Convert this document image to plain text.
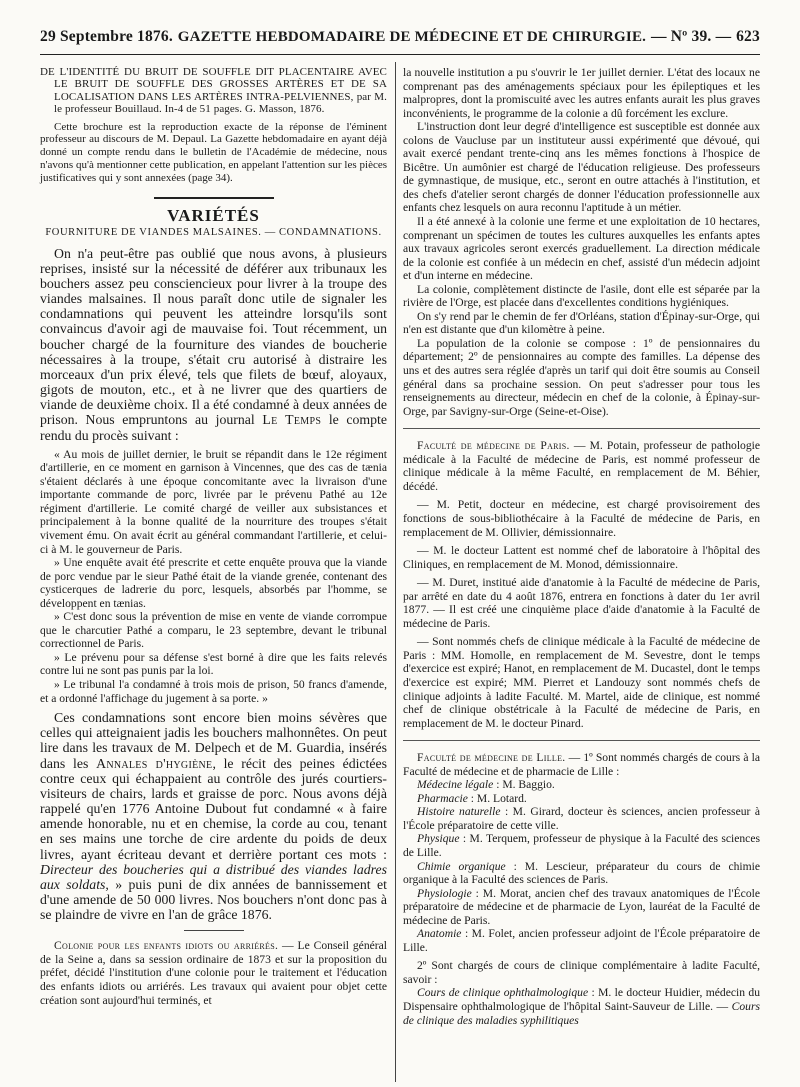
29 Septembre 1876. GAZETTE HEBDOMADAIRE DE MÉDECINE ET DE CHIRURGIE. — Nº 39. — 623

DE L'IDENTITÉ DU BRUIT DE SOUFFLE DIT PLACENTAIRE AVEC LE BRUIT DE SOUFFLE DES GROSSES ARTÈRES ET DE SA LOCALISATION DANS LES ARTÈRES INTRA-PELVIENNES, par M. le professeur Bouillaud. In-4 de 51 pages. G. Masson, 1876.

Cette brochure est la reproduction exacte de la réponse de l'éminent professeur au discours de M. Depaul. La Gazette hebdomadaire en ayant déjà donné un compte rendu dans le bulletin de l'Académie de médecine, nous n'avons qu'à mentionner cette publication, en appelant l'attention sur les pièces justificatives qui y sont annexées (page 34).

VARIÉTÉS
FOURNITURE DE VIANDES MALSAINES. — CONDAMNATIONS.

On n'a peut-être pas oublié que nous avons, à plusieurs reprises, insisté sur la nécessité de déférer aux tribunaux les bouchers assez peu consciencieux pour livrer à la troupe des viandes malsaines. Il nous paraît donc utile de signaler les condamnations qui peuvent les atteindre lorsqu'ils sont convaincus d'avoir agi de mauvaise foi. Tout récemment, un boucher chargé de la fourniture des viandes de boucherie nécessaires à la troupe, s'était cru autorisé à distraire les morceaux d'un prix élevé, tels que filets de bœuf, aloyaux, gigots de mouton, etc., et à ne livrer que des quartiers de viande de deuxième choix. Il a été condamné à deux années de prison. Nous empruntons au journal Le Temps le compte rendu du procès suivant :

« Au mois de juillet dernier, le bruit se répandit dans le 12e régiment d'artillerie, en ce moment en garnison à Vincennes, que des cas de tænia s'étaient déclarés à une époque concomitante avec la livraison d'une importante commande de porc, livrée par le prévenu Pathé au 12e régiment d'artillerie. Le comité chargé de veiller aux subsistances et principalement à la bonne qualité de la nourriture des troupes s'était vivement ému. On avait écrit au général commandant l'artillerie, et celui-ci à M. le gouverneur de Paris.

» Une enquête avait été prescrite et cette enquête prouva que la viande de porc vendue par le sieur Pathé était de la viande grenée, contenant des cysticerques de ladrerie du porc, lesquels, absorbés par l'homme, se développent en tænias.

» C'est donc sous la prévention de mise en vente de viande corrompue que le charcutier Pathé a comparu, le 23 septembre, devant le tribunal correctionnel de Paris.

» Le prévenu pour sa défense s'est borné à dire que les faits relevés contre lui ne sont pas punis par la loi.

» Le tribunal l'a condamné à trois mois de prison, 50 francs d'amende, et a ordonné l'affichage du jugement à sa porte. »

Ces condamnations sont encore bien moins sévères que celles qui atteignaient jadis les bouchers malhonnêtes. On peut lire dans les travaux de M. Delpech et de M. Guardia, insérés dans les Annales d'hygiène, le récit des peines édictées contre ceux qui échappaient au contrôle des jurés courtiers-visiteurs de chairs, lards et graisse de porc. Nous avons déjà rappelé qu'en 1776 Antoine Dubout fut condamné « à faire amende honorable, nu et en chemise, la corde au cou, tenant en ses mains une torche de cire ardente du poids de deux livres, ayant écriteau devant et derrière portant ces mots : Directeur des boucheries qui a distribué des viandes ladres aux soldats, » puis puni de dix années de bannissement et d'une amende de 50 000 livres. Nos bouchers n'ont donc pas à se plaindre de vivre en l'an de grâce 1876.

Colonie pour les enfants idiots ou arriérés. — Le Conseil général de la Seine a, dans sa session ordinaire de 1873 et sur la proposition du préfet, décidé l'institution d'une colonie pour le traitement et l'éducation des enfants idiots ou arriérés. Les travaux qui avaient pour objet cette création sont aujourd'hui terminés, et

la nouvelle institution a pu s'ouvrir le 1er juillet dernier. L'état des locaux ne comprenant pas des aménagements spéciaux pour les épileptiques et les malpropres, dont la promiscuité avec les autres enfants aurait les plus graves inconvénients, le programme de la colonie a dû forcément les exclure.

L'instruction dont leur degré d'intelligence est susceptible est donnée aux colons de Vaucluse par un instituteur aussi expérimenté que dévoué, qui avait exercé pendant trente-cinq ans les mêmes fonctions à l'hospice de Bicêtre. Un aumônier est chargé de l'éducation religieuse. Des professeurs de gymnastique, de musique, etc., seront en outre attachés à l'institution, et des chefs d'atelier seront chargés de donner l'éducation professionnelle aux enfants chez lesquels on aura reconnu l'aptitude à un métier.

Il a été annexé à la colonie une ferme et une exploitation de 10 hectares, comprenant un spécimen de toutes les cultures auxquelles les enfants aptes aux travaux agricoles seront exercés graduellement. La direction médicale de la colonie est confiée à un médecin en chef, assisté d'un médecin adjoint et d'un interne en médecine.

La colonie, complètement distincte de l'asile, dont elle est séparée par la rivière de l'Orge, est placée dans d'excellentes conditions hygiéniques.

On s'y rend par le chemin de fer d'Orléans, station d'Épinay-sur-Orge, qui n'en est distante que d'un kilomètre à peine.

La population de la colonie se compose : 1º de pensionnaires du département; 2º de pensionnaires au compte des familles. La dépense des uns et des autres sera réglée d'après un tarif qui doit être soumis au Conseil général dans sa prochaine session. On peut s'adresser pour tous les renseignements au directeur, médecin en chef de la colonie, à Épinay-sur-Orge, par Savigny-sur-Orge (Seine-et-Oise).

Faculté de médecine de Paris. — M. Potain, professeur de pathologie médicale à la Faculté de médecine de Paris, est nommé professeur de clinique médicale à la même Faculté, en remplacement de M. Béhier, décédé.

— M. Petit, docteur en médecine, est chargé provisoirement des fonctions de sous-bibliothécaire à la Faculté de médecine de Paris, en remplacement de M. Ollivier, démissionnaire.

— M. le docteur Lattent est nommé chef de laboratoire à l'hôpital des Cliniques, en remplacement de M. Monod, démissionnaire.

— M. Duret, institué aide d'anatomie à la Faculté de médecine de Paris, par arrêté en date du 4 août 1876, entrera en fonctions à dater du 1er avril 1877. — Il est créé une cinquième place d'aide d'anatomie à la Faculté de médecine de Paris.

— Sont nommés chefs de clinique médicale à la Faculté de médecine de Paris : MM. Homolle, en remplacement de M. Sevestre, dont le temps d'exercice est expiré; Hanot, en remplacement de M. Ducastel, dont le temps d'exercice est expiré; MM. Pierret et Landouzy sont nommés chefs de clinique adjoints à ladite Faculté. M. Martel, aide de clinique, est nommé chef de clinique obstétricale à la Faculté de médecine de Paris, en remplacement de M. le docteur Pinard.

Faculté de médecine de Lille. — 1º Sont nommés chargés de cours à la Faculté de médecine et de pharmacie de Lille :

Médecine légale : M. Baggio.

Pharmacie : M. Lotard.

Histoire naturelle : M. Girard, docteur ès sciences, ancien professeur à l'École préparatoire de cette ville.

Physique : M. Terquem, professeur de physique à la Faculté des sciences de Lille.

Chimie organique : M. Lescieur, préparateur du cours de chimie organique à la Faculté des sciences de Paris.

Physiologie : M. Morat, ancien chef des travaux anatomiques de l'École préparatoire de médecine et de pharmacie de Lyon, lauréat de la Faculté de médecine de Paris.

Anatomie : M. Folet, ancien professeur adjoint de l'École préparatoire de Lille.

2º Sont chargés de cours de clinique complémentaire à ladite Faculté, savoir :

Cours de clinique ophthalmologique : M. le docteur Huidier, médecin du Dispensaire ophthalmologique de l'hôpital Saint-Sauveur de Lille. — Cours de clinique des maladies syphilitiques
